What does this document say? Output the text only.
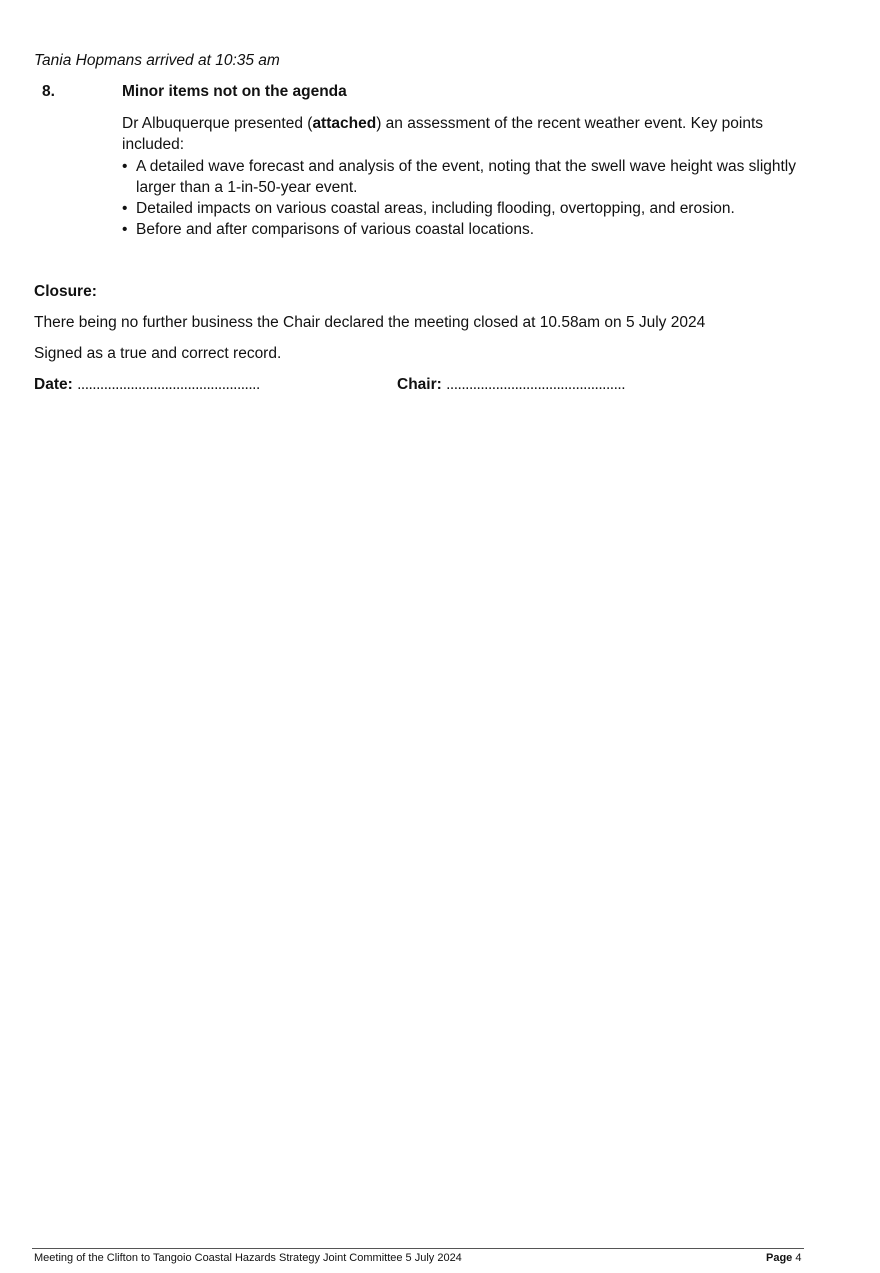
Tania Hopmans arrived at 10:35 am
8.	Minor items not on the agenda
Dr Albuquerque presented (attached) an assessment of the recent weather event. Key points included:
• A detailed wave forecast and analysis of the event, noting that the swell wave height was slightly larger than a 1-in-50-year event.
• Detailed impacts on various coastal areas, including flooding, overtopping, and erosion.
• Before and after comparisons of various coastal locations.
Closure:
There being no further business the Chair declared the meeting closed at 10.58am on 5 July 2024
Signed as a true and correct record.
Date: ................................................	Chair: ...............................................
Meeting of the Clifton to Tangoio Coastal Hazards Strategy Joint Committee 5 July 2024	Page 4
